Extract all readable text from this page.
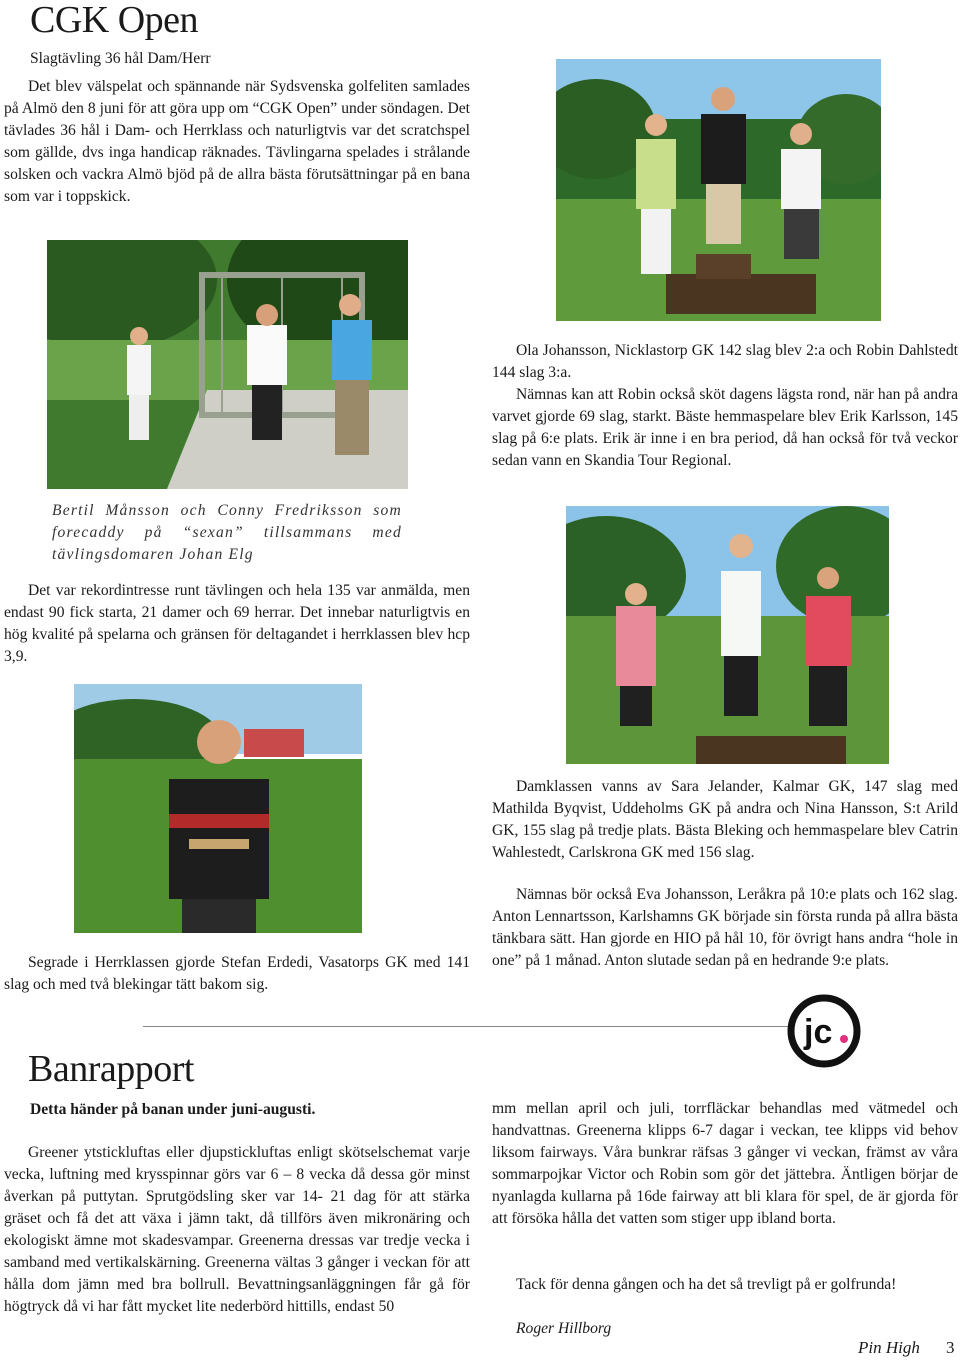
CGK Open
Slagtävling 36 hål Dam/Herr

Det blev välspelat och spännande när Sydsvenska golfeliten samlades på Almö den 8 juni för att göra upp om “CGK Open” under söndagen. Det tävlades 36 hål i Dam- och Herrklass och naturligtvis var det scratchspel som gällde, dvs inga handicap räknades. Tävlingarna spelades i strålande solsken och vackra Almö bjöd på de allra bästa förutsättningar på en bana som var i toppskick.

Bertil Månsson och Conny Fredriksson som forecaddy på “sexan” tillsammans med tävlingsdomaren Johan Elg

Det var rekordintresse runt tävlingen och hela 135 var anmälda, men endast 90 fick starta, 21 damer och 69 herrar. Det innebar naturligtvis en hög kvalité på spelarna och gränsen för deltagandet i herrklassen blev hcp 3,9.

Ola Johansson, Nicklastorp GK 142 slag blev 2:a och Robin Dahlstedt 144 slag 3:a.

Nämnas kan att Robin också sköt dagens lägsta rond, när han på andra varvet gjorde 69 slag, starkt. Bäste hemmaspelare blev Erik Karlsson, 145 slag på 6:e plats. Erik är inne i en bra period, då han också för två veckor sedan vann en Skandia Tour Regional.

Segrade i Herrklassen gjorde Stefan Erdedi, Vasatorps GK med 141 slag och med två blekingar tätt bakom sig.

Damklassen vanns av Sara Jelander, Kalmar GK, 147 slag med Mathilda Byqvist, Uddeholms GK på andra och Nina Hansson, S:t Arild GK, 155 slag på tredje plats. Bästa Bleking och hemmaspelare blev Catrin Wahlestedt, Carlskrona GK med 156 slag.

Nämnas bör också Eva Johansson, Leråkra på 10:e plats och 162 slag. Anton Lennartsson, Karlshamns GK började sin första runda på allra bästa tänkbara sätt. Han gjorde en HIO på hål 10, för övrigt hans andra “hole in one” på 1 månad. Anton slutade sedan på en hedrande 9:e plats.

jc
Banrapport
Detta händer på banan under juni-augusti.

Greener ytstickluftas eller djupstickluftas enligt skötselschemat varje vecka, luftning med krysspinnar görs var 6 – 8 vecka då dessa gör minst åverkan på puttytan. Sprutgödsling sker var 14- 21 dag för att stärka gräset och få det att växa i jämn takt, då tillförs även mikronäring och ekologiskt ämne mot skadesvampar. Greenerna dressas var tredje vecka i samband med vertikalskärning. Greenerna vältas 3 gånger i veckan för att hålla dom jämn med bra bollrull. Bevattningsanläggningen får gå för högtryck då vi har fått mycket lite nederbörd hittills, endast 50

mm mellan april och juli, torrfläckar behandlas med vätmedel och handvattnas. Greenerna klipps 6-7 dagar i veckan, tee klipps vid behov liksom fairways. Våra bunkrar räfsas 3 gånger vi veckan, främst av våra sommarpojkar Victor och Robin som gör det jättebra. Äntligen börjar de nyanlagda kullarna på 16de fairway att bli klara för spel, de är gjorda för att försöka hålla det vatten som stiger upp ibland borta.

Tack för denna gången och ha det så trevligt på er golfrunda!
Roger Hillborg
Pin High 3
